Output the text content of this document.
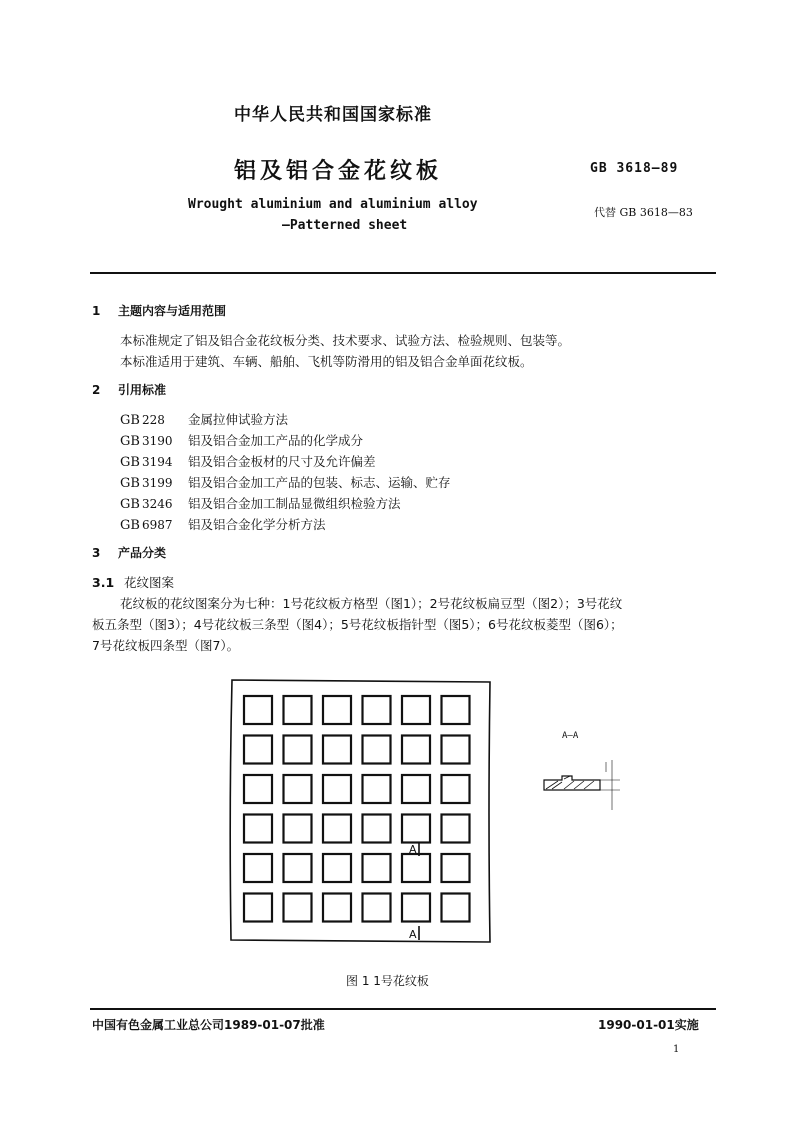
中华人民共和国国家标准
铝及铝合金花纹板	GB 3618—89
Wrought aluminium and aluminium alloy
—Patterned sheet
代替 GB 3618—83
1 主题内容与适用范围
本标准规定了铝及铝合金花纹板分类、技术要求、试验方法、检验规则、包装等。
本标准适用于建筑、车辆、船舶、飞机等防滑用的铝及铝合金单面花纹板。
2 引用标准
GB 228 金属拉伸试验方法
GB 3190 铝及铝合金加工产品的化学成分
GB 3194 铝及铝合金板材的尺寸及允许偏差
GB 3199 铝及铝合金加工产品的包装、标志、运输、贮存
GB 3246 铝及铝合金加工制品显微组织检验方法
GB 6987 铝及铝合金化学分析方法
3 产品分类
3.1 花纹图案
花纹板的花纹图案分为七种：1号花纹板方格型（图1）；2号花纹板扁豆型（图2）；3号花纹
板五条型（图3）；4号花纹板三条型（图4）；5号花纹板指针型（图5）；6号花纹板菱型（图6）；
7号花纹板四条型（图7）。
A
A
A—A
图 1 1号花纹板
中国有色金属工业总公司1989-01-07批准	1990-01-01实施
1
